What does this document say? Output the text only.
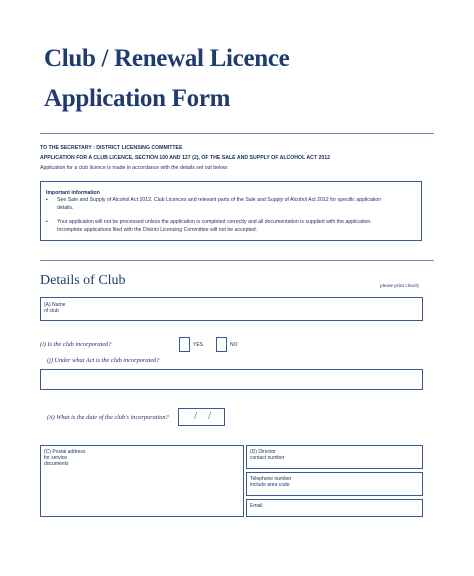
Club / Renewal Licence
Application Form
TO THE SECRETARY : DISTRICT LICENSING COMMITTEE
APPLICATION FOR A CLUB LICENCE, SECTION 100 AND 127 (2), OF THE SALE AND SUPPLY OF ALCOHOL ACT 2012
Application for a club licence is made in accordance with the details set out below:
Important information
• See Sale and Supply of Alcohol Act 2012, Club Licences and relevant parts of the Sale and Supply of Alcohol Act 2012 for specific application
details.
• Your application will not be processed unless the application is completed correctly and all documentation is supplied with the application.
Incomplete applications filed with the District Licensing Committee will not be accepted.
Details of Club	please print clearly
(A) Name
of club
(i) Is the club incorporated?	YES	NO
(j) Under what Act is the club incorporated?
(ii) What is the date of the club's incorporation? / /
(C) Postal address
for service
documents
(D) Director
contact number
Telephone number
include area code
Email
